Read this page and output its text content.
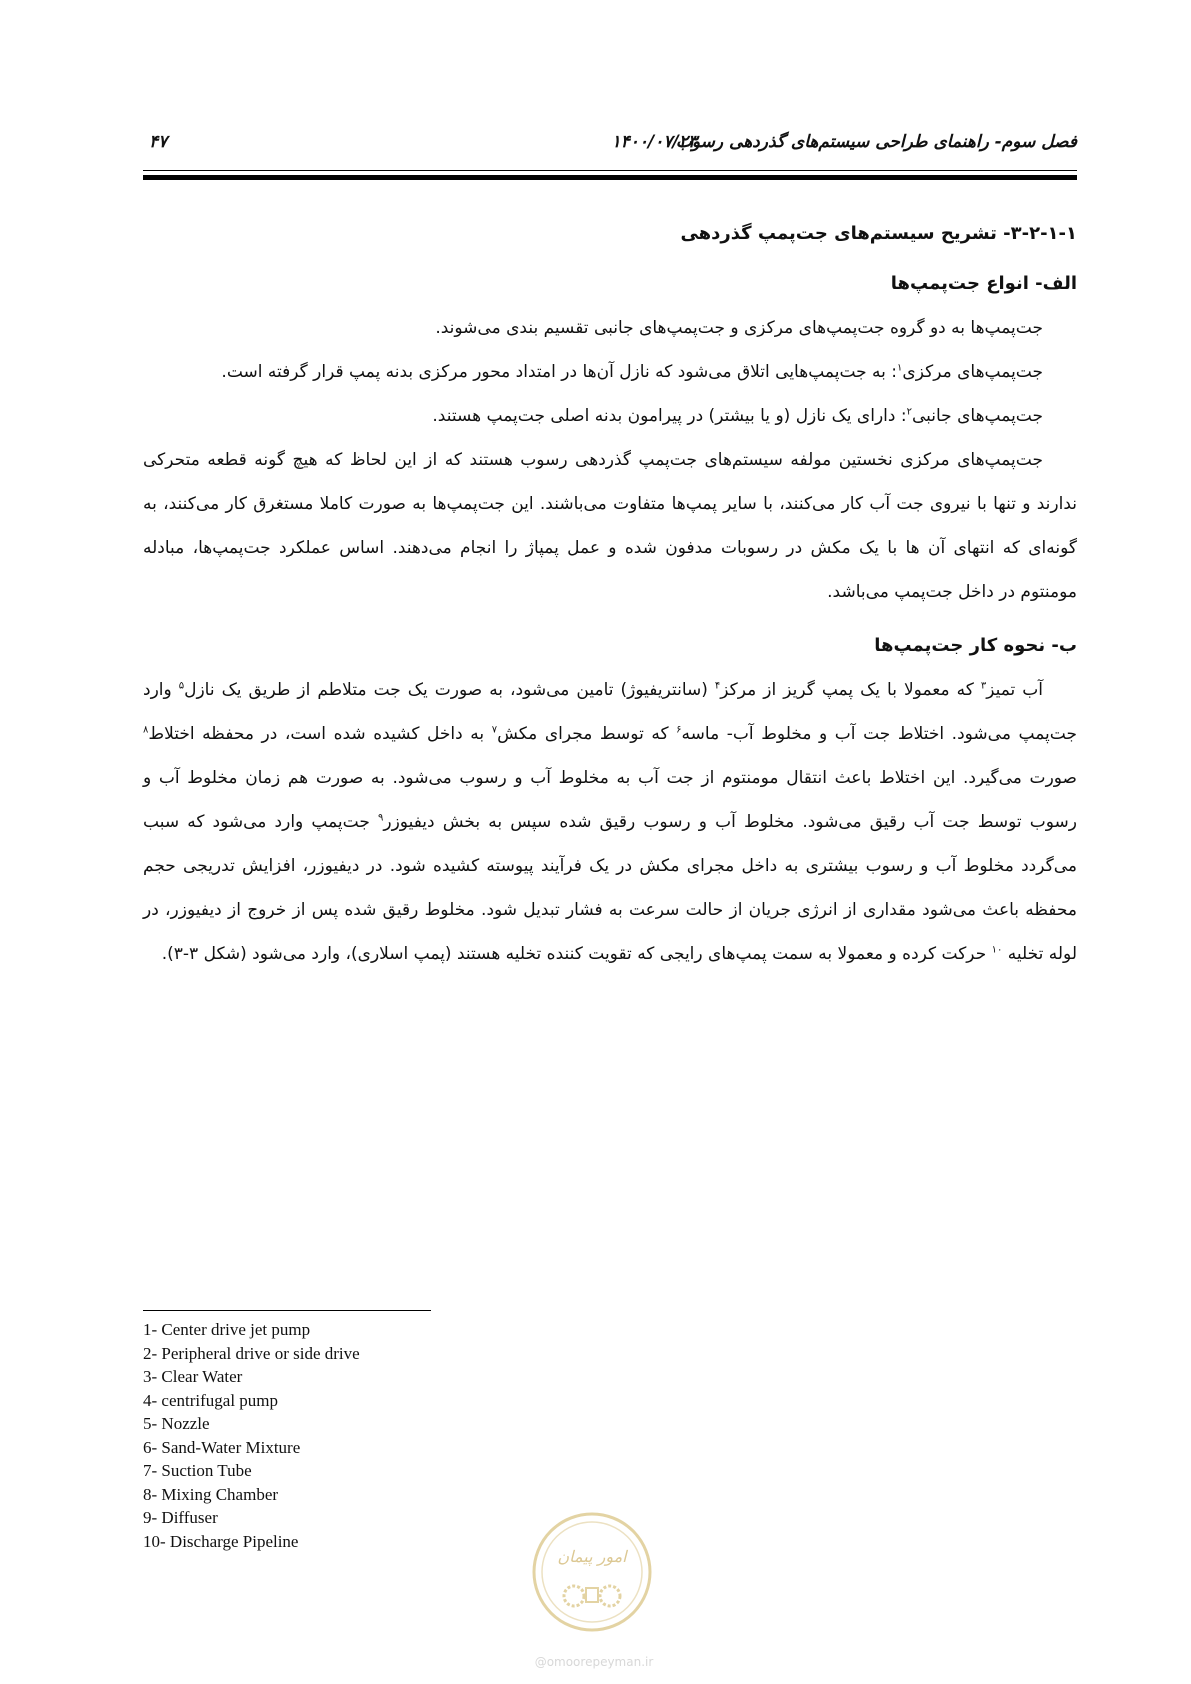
فصل سوم- راهنمای طراحی سیستم‌های گذردهی رسوب
۱۴۰۰/۰۷/۲۳
۴۷
۳-۲-۱-۱- تشریح سیستم‌های جت‌پمپ گذردهی
الف- انواع جت‌پمپ‌ها

جت‌پمپ‌ها به دو گروه جت‌پمپ‌های مرکزی و جت‌پمپ‌های جانبی تقسیم بندی می‌شوند.

جت‌پمپ‌های مرکزی$^۱$: به جت‌پمپ‌هایی اتلاق می‌شود که نازل آن‌ها در امتداد محور مرکزی بدنه پمپ قرار گرفته است.

جت‌پمپ‌های جانبی$^۲$: دارای یک نازل (و یا بیشتر) در پیرامون بدنه اصلی جت‌پمپ هستند.

جت‌پمپ‌های مرکزی نخستین مولفه سیستم‌های جت‌پمپ گذردهی رسوب هستند که از این لحاظ که هیچ گونه قطعه متحرکی ندارند و تنها با نیروی جت آب کار می‌کنند، با سایر پمپ‌ها متفاوت می‌باشند. این جت‌پمپ‌ها به صورت کاملا مستغرق کار می‌کنند، به گونه‌ای که انتهای آن ها با یک مکش در رسوبات مدفون شده و عمل پمپاژ را انجام می‌دهند. اساس عملکرد جت‌پمپ‌ها، مبادله مومنتوم در داخل جت‌پمپ می‌باشد.

ب- نحوه کار جت‌پمپ‌ها

آب تمیز$^۳$ که معمولا با یک پمپ گریز از مرکز$^۴$ (سانتریفیوژ) تامین می‌شود، به صورت یک جت متلاطم از طریق یک نازل$^۵$ وارد جت‌پمپ می‌شود. اختلاط جت آب و مخلوط آب- ماسه$^۶$ که توسط مجرای مکش$^۷$ به داخل کشیده شده است، در محفظه اختلاط$^۸$ صورت می‌گیرد. این اختلاط باعث انتقال مومنتوم از جت آب به مخلوط آب و رسوب می‌شود. به صورت هم زمان مخلوط آب و رسوب توسط جت آب رقیق می‌شود. مخلوط آب و رسوب رقیق شده سپس به بخش دیفیوزر$^۹$ جت‌پمپ وارد می‌شود که سبب می‌گردد مخلوط آب و رسوب بیشتری به داخل مجرای مکش در یک فرآیند پیوسته کشیده شود. در دیفیوزر، افزایش تدریجی حجم محفظه باعث می‌شود مقداری از انرژی جریان از حالت سرعت به فشار تبدیل شود. مخلوط رقیق شده پس از خروج از دیفیوزر، در لوله تخلیه $^{۱۰}$ حرکت کرده و معمولا به سمت پمپ‌های رایجی که تقویت کننده تخلیه هستند (پمپ اسلاری)، وارد می‌شود (شکل ۳-۳).

1- Center drive jet pump
2- Peripheral drive or side drive
3- Clear Water
4- centrifugal pump
5- Nozzle
6- Sand-Water Mixture
7- Suction Tube
8- Mixing Chamber
9- Diffuser
10- Discharge Pipeline
امور پیمان
@omoorepeyman.ir
